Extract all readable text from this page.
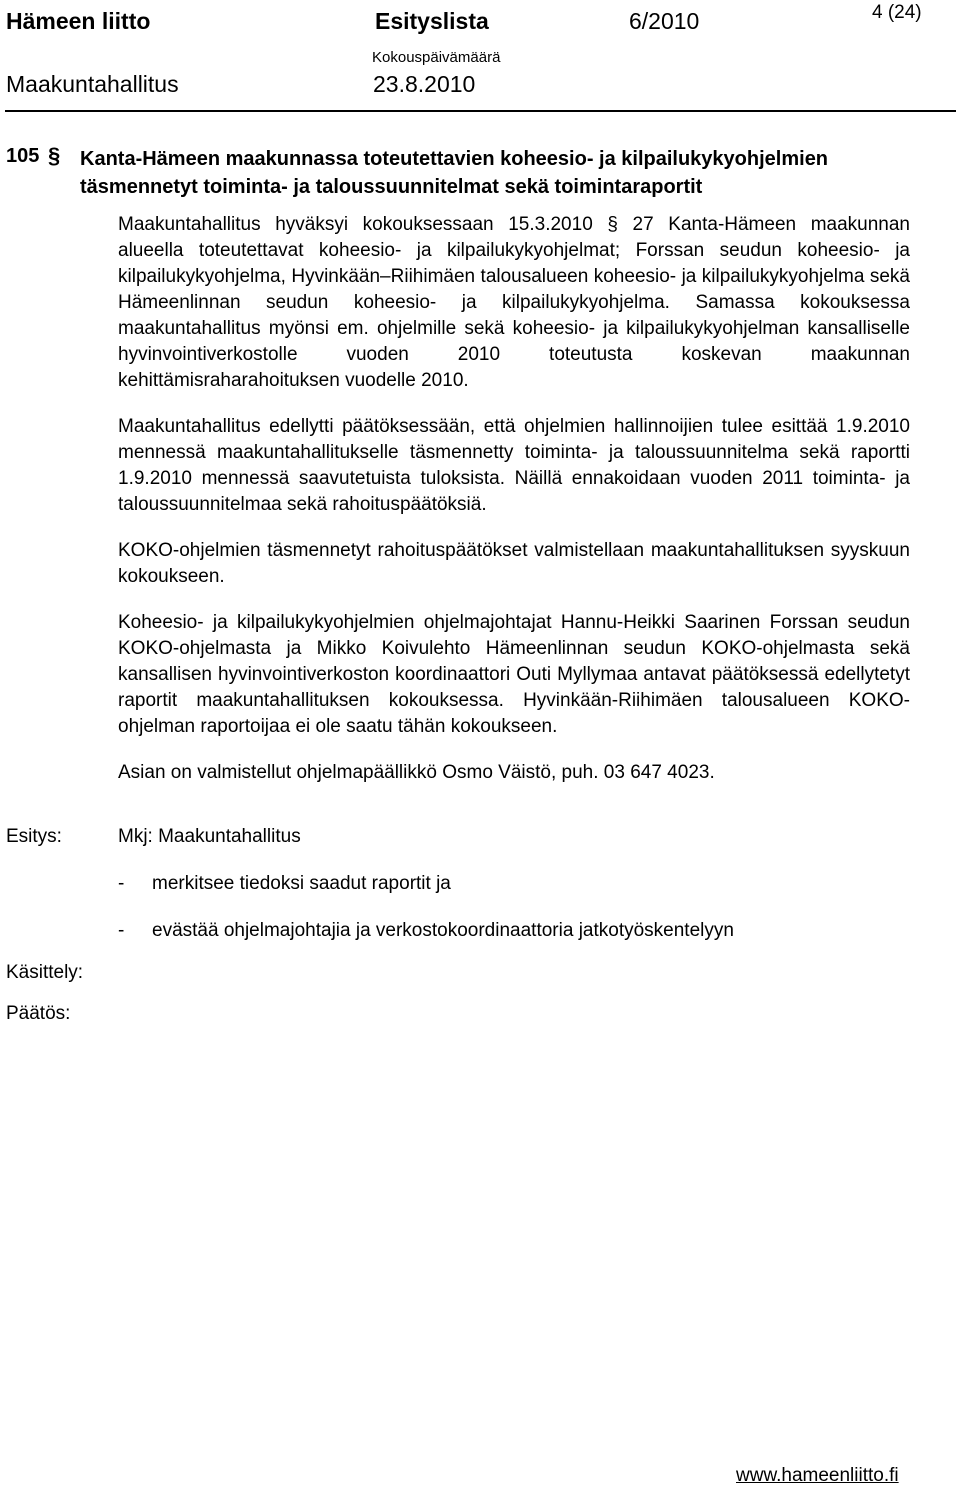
Hämeen liitto	Esityslista	6/2010	4 (24)
Kokouspäivämäärä
Maakuntahallitus	23.8.2010
105 § Kanta-Hämeen maakunnassa toteutettavien koheesio- ja kilpailukykyohjelmien täsmennetyt toiminta- ja taloussuunnitelmat sekä toimintaraportit

Maakuntahallitus hyväksyi kokouksessaan 15.3.2010 § 27 Kanta-Hämeen maakunnan alueella toteutettavat koheesio- ja kilpailukykyohjelmat; Forssan seudun koheesio- ja kilpailukykyohjelma, Hyvinkään–Riihimäen talousalueen koheesio- ja kilpailukykyohjelma sekä Hämeenlinnan seudun koheesio- ja kilpailukykyohjelma. Samassa kokouksessa maakuntahallitus myönsi em. ohjelmille sekä koheesio- ja kilpailukykyohjelman kansalliselle hyvinvointiverkostolle vuoden 2010 toteutusta koskevan maakunnan kehittämisraharahoituksen vuodelle 2010.

Maakuntahallitus edellytti päätöksessään, että ohjelmien hallinnoijien tulee esittää 1.9.2010 mennessä maakuntahallitukselle täsmennetty toiminta- ja taloussuunnitelma sekä raportti 1.9.2010 mennessä saavutetuista tuloksista. Näillä ennakoidaan vuoden 2011 toiminta- ja taloussuunnitelmaa sekä rahoituspäätöksiä.

KOKO-ohjelmien täsmennetyt rahoituspäätökset valmistellaan maakuntahallituksen syyskuun kokoukseen.

Koheesio- ja kilpailukykyohjelmien ohjelmajohtajat Hannu-Heikki Saarinen Forssan seudun KOKO-ohjelmasta ja Mikko Koivulehto Hämeenlinnan seudun KOKO-ohjelmasta sekä kansallisen hyvinvointiverkoston koordinaattori Outi Myllymaa antavat päätöksessä edellytetyt raportit maakuntahallituksen kokouksessa. Hyvinkään-Riihimäen talousalueen KOKO-ohjelman raportoijaa ei ole saatu tähän kokoukseen.

Asian on valmistellut ohjelmapäällikkö Osmo Väistö, puh. 03 647 4023.

Esitys:	Mkj: Maakuntahallitus
- merkitsee tiedoksi saadut raportit ja
- evästää ohjelmajohtajia ja verkostokoordinaattoria jatkotyöskentelyyn
Käsittely:
Päätös:
www.hameenliitto.fi
